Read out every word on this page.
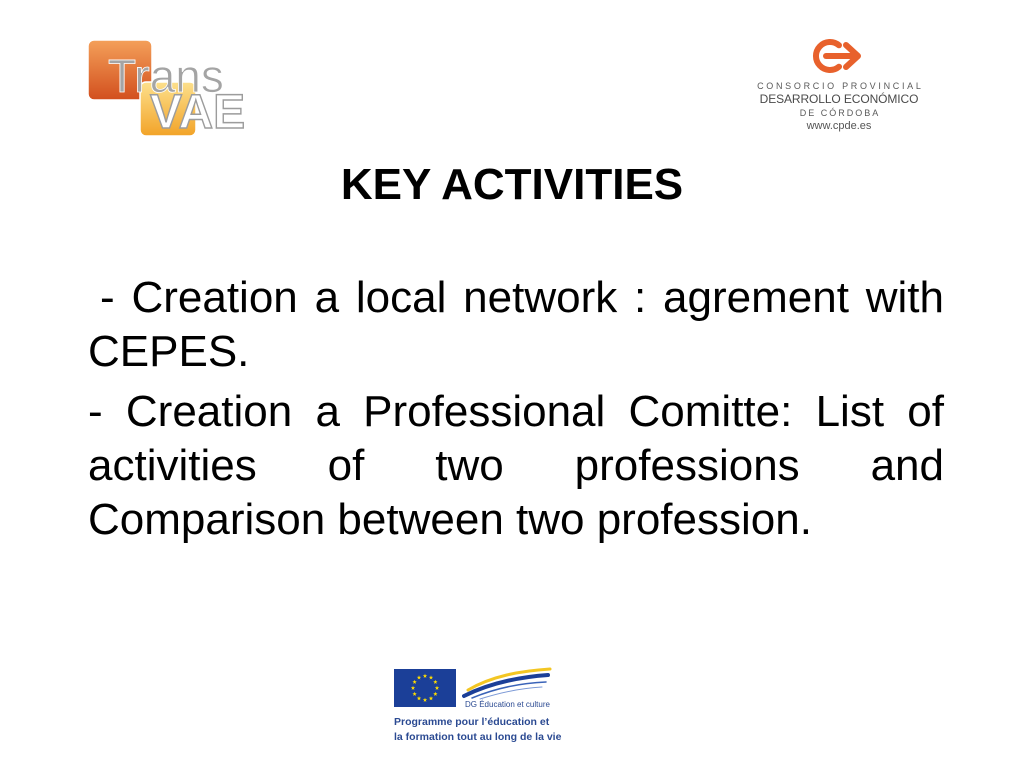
Trans
VAE	CONSORCIO PROVINCIAL
DESARROLLO ECONÓMICO
DE CÓRDOBA
www.cpde.es
KEY ACTIVITIES

- Creation a local network : agrement with CEPES.

- Creation a Professional Comitte: List of activities of two professions and Comparison between two profession.

DG Éducation et culture
Programme pour l’éducation et
la formation tout au long de la vie
